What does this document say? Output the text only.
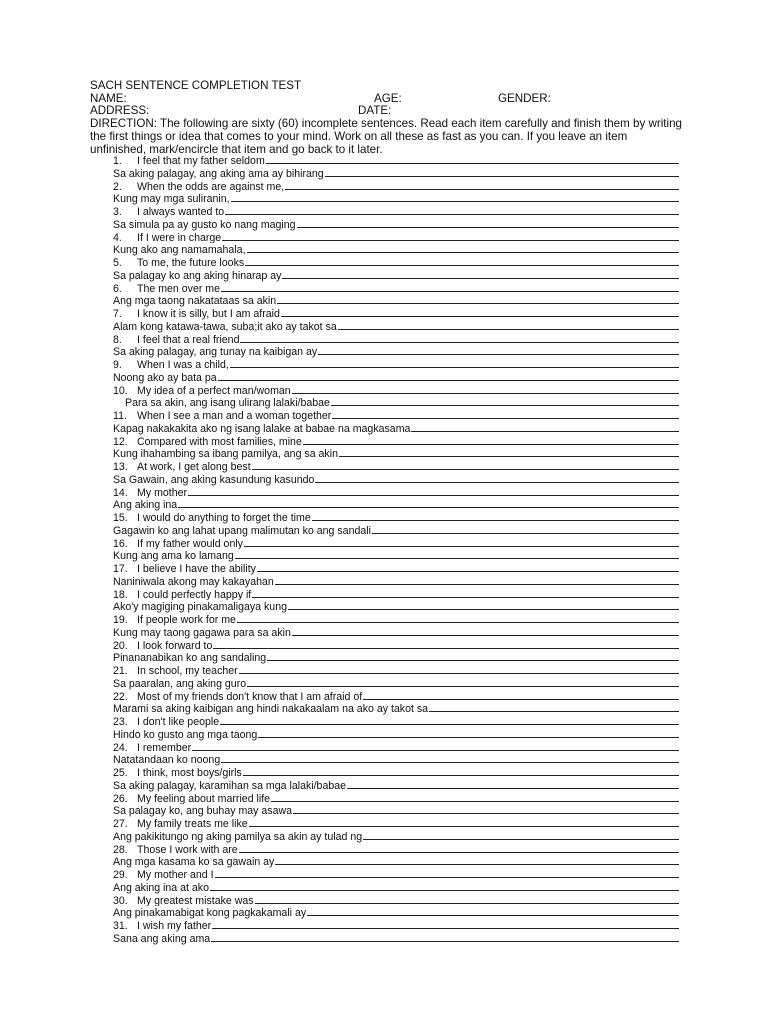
SACH SENTENCE COMPLETION TEST
NAME:	AGE:	GENDER:
ADDRESS:	DATE:
DIRECTION: The following are sixty (60) incomplete sentences. Read each item carefully and finish them by writing the first things or idea that comes to your mind. Work on all these as fast as you can. If you leave an item unfinished, mark/encircle that item and go back to it later.
1.	I feel that my father seldom
Sa aking palagay, ang aking ama ay bihirang
2.	When the odds are against me,
Kung may mga suliranin,
3.	I always wanted to
Sa simula pa ay gusto ko nang maging
4.	If I were in charge
Kung ako ang namamahala,
5.	To me, the future looks
Sa palagay ko ang aking hinarap ay
6.	The men over me
Ang mga taong nakatataas sa akin
7.	I know it is silly, but I am afraid
Alam kong katawa-tawa, suba;it ako ay takot sa
8.	I feel that a real friend
Sa aking palagay, ang tunay na kaibigan ay
9.	When I was a child,
Noong ako ay bata pa
10. My idea of a perfect man/woman
Para sa akin, ang isang ulirang lalaki/babae
11. When I see a man and a woman together
Kapag nakakakita ako ng isang lalake at babae na magkasama
12. Compared with most families, mine
Kung ihahambing sa ibang pamilya, ang sa akin
13. At work, I get along best
Sa Gawain, ang aking kasundung kasundo
14. My mother
Ang aking ina
15. I would do anything to forget the time
Gagawin ko ang lahat upang malimutan ko ang sandali
16. If my father would only
Kung ang ama ko lamang
17. I believe I have the ability
Naniniwala akong may kakayahan
18. I could perfectly happy if
Ako'y magiging pinakamaligaya kung
19. If people work for me
Kung may taong gagawa para sa akin
20. I look forward to
Pinananabikan ko ang sandaling
21. In school, my teacher
Sa paaralan, ang aking guro
22. Most of my friends don't know that I am afraid of
Marami sa aking kaibigan ang hindi nakakaalam na ako ay takot sa
23. I don't like people
Hindo ko gusto ang mga taong
24. I remember
Natatandaan ko noong
25. I think, most boys/girls
Sa aking palagay, karamihan sa mga lalaki/babae
26. My feeling about married life
Sa palagay ko, ang buhay may asawa
27. My family treats me like
Ang pakikitungo ng aking pamilya sa akin ay tulad ng
28. Those I work with are
Ang mga kasama ko sa gawain ay
29. My mother and I
Ang aking ina at ako
30. My greatest mistake was
Ang pinakamabigat kong pagkakamali ay
31. I wish my father
Sana ang aking ama
